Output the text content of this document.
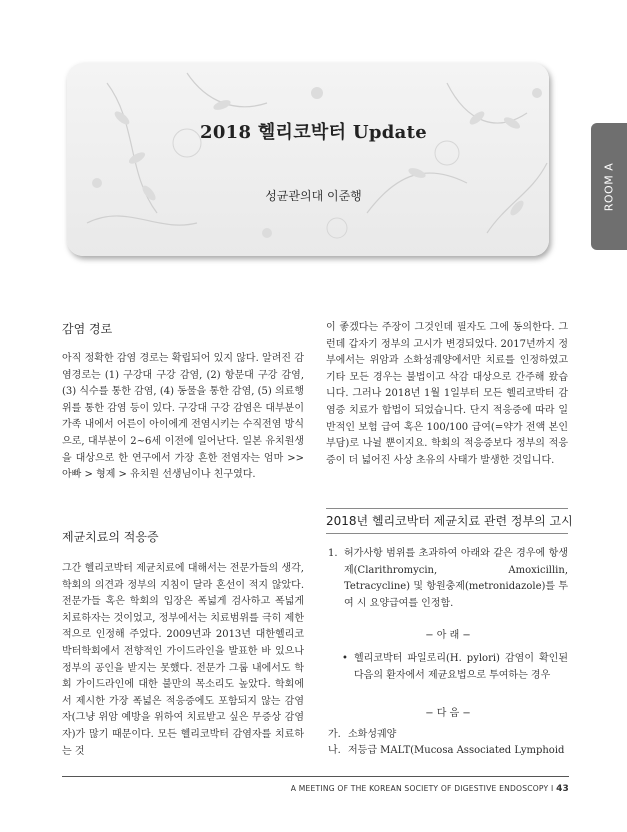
2018 헬리코박터 Update
성균관의대 이준행	ROOM A
감염 경로

아직 정확한 감염 경로는 확립되어 있지 않다. 알려진 감염경로는 (1) 구강대 구강 감염, (2) 항문대 구강 감염, (3) 식수를 통한 감염, (4) 동물을 통한 감염, (5) 의료행위를 통한 감염 등이 있다. 구강대 구강 감염은 대부분이 가족 내에서 어른이 아이에게 전염시키는 수직전염 방식으로, 대부분이 2~6세 이전에 일어난다. 일본 유치원생을 대상으로 한 연구에서 가장 흔한 전염자는 엄마 >> 아빠 > 형제 > 유치원 선생님이나 친구였다.

제균치료의 적응증

그간 헬리코박터 제균치료에 대해서는 전문가들의 생각, 학회의 의견과 정부의 지침이 달라 혼선이 적지 않았다. 전문가들 혹은 학회의 입장은 폭넓게 검사하고 폭넓게 치료하자는 것이었고, 정부에서는 치료범위를 극히 제한적으로 인정해 주었다. 2009년과 2013년 대한헬리코박터학회에서 전향적인 가이드라인을 발표한 바 있으나 정부의 공인을 받지는 못했다. 전문가 그룹 내에서도 학회 가이드라인에 대한 불만의 목소리도 높았다. 학회에서 제시한 가장 폭넓은 적응증에도 포함되지 않는 감염자(그냥 위암 예방을 위하여 치료받고 싶은 무증상 감염자)가 많기 때문이다. 모든 헬리코박터 감염자를 치료하는 것

이 좋겠다는 주장이 그것인데 필자도 그에 동의한다. 그런데 갑자기 정부의 고시가 변경되었다. 2017년까지 정부에서는 위암과 소화성궤양에서만 치료를 인정하였고 기타 모든 경우는 불법이고 삭감 대상으로 간주해 왔습니다. 그러나 2018년 1월 1일부터 모든 헬리코박터 감염증 치료가 합법이 되었습니다. 단지 적응증에 따라 일반적인 보험 급여 혹은 100/100 급여(=약가 전액 본인 부담)로 나뉠 뿐이지요. 학회의 적응증보다 정부의 적응증이 더 넓어진 사상 초유의 사태가 발생한 것입니다.

2018년 헬리코박터 제균치료 관련 정부의 고시
1. 허가사항 범위를 초과하여 아래와 같은 경우에 항생제(Clarithromycin, Amoxicillin, Tetracycline) 및 항원충제(metronidazole)를 투여 시 요양급여를 인정함.
− 아 래 −
• 헬리코박터 파일로리(H. pylori) 감염이 확인된 다음의 환자에서 제균요법으로 투여하는 경우
− 다 음 −
가. 소화성궤양
나. 저등급 MALT(Mucosa Associated Lymphoid
A MEETING OF THE KOREAN SOCIETY OF DIGESTIVE ENDOSCOPY I 43
